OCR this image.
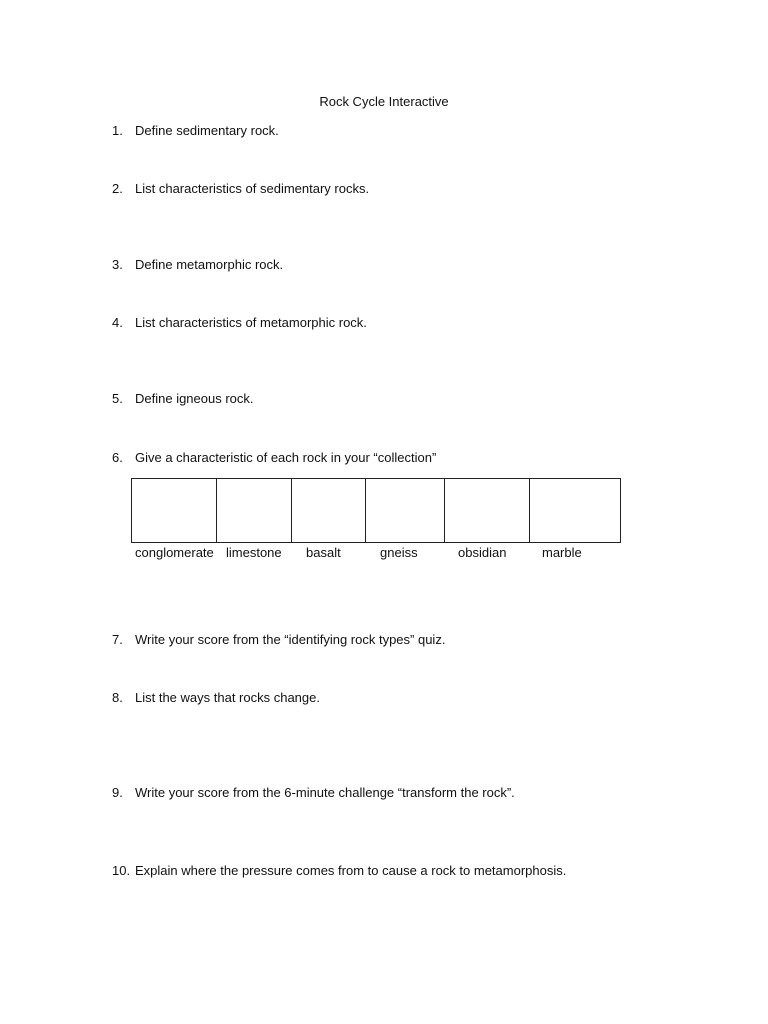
Rock Cycle Interactive
1. Define sedimentary rock.
2. List characteristics of sedimentary rocks.
3. Define metamorphic rock.
4. List characteristics of metamorphic rock.
5. Define igneous rock.
6. Give a characteristic of each rock in your “collection”

conglomerate limestone basalt	gneiss	obsidian	marble
7. Write your score from the “identifying rock types” quiz.
8. List the ways that rocks change.
9. Write your score from the 6-minute challenge “transform the rock”.
10. Explain where the pressure comes from to cause a rock to metamorphosis.
